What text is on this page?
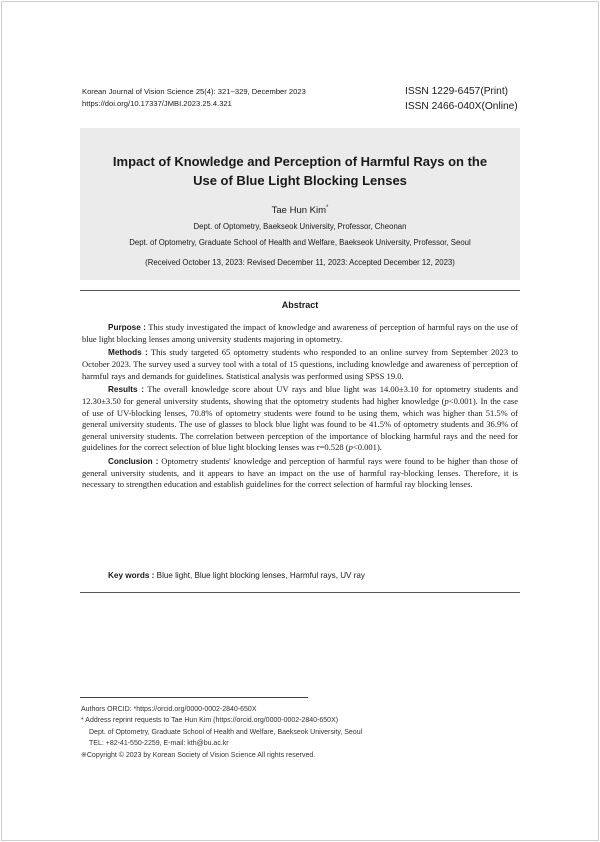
Korean Journal of Vision Science 25(4): 321~329, December 2023
https://doi.org/10.17337/JMBI.2023.25.4.321
ISSN 1229-6457(Print)
ISSN 2466-040X(Online)
Impact of Knowledge and Perception of Harmful Rays on the
Use of Blue Light Blocking Lenses
Tae Hun Kim*
Dept. of Optometry, Baekseok University, Professor, Cheonan
Dept. of Optometry, Graduate School of Health and Welfare, Baekseok University, Professor, Seoul
(Received October 13, 2023: Revised December 11, 2023: Accepted December 12, 2023)
Abstract

Purpose : This study investigated the impact of knowledge and awareness of perception of harmful rays on the use of blue light blocking lenses among university students majoring in optometry.

Methods : This study targeted 65 optometry students who responded to an online survey from September 2023 to October 2023. The survey used a survey tool with a total of 15 questions, including knowledge and awareness of perception of harmful rays and demands for guidelines. Statistical analysis was performed using SPSS 19.0.

Results : The overall knowledge score about UV rays and blue light was 14.00±3.10 for optometry students and 12.30±3.50 for general university students, showing that the optometry students had higher knowledge (p<0.001). In the case of use of UV-blocking lenses, 70.8% of optometry students were found to be using them, which was higher than 51.5% of general university students. The use of glasses to block blue light was found to be 41.5% of optometry students and 36.9% of general university students. The correlation between perception of the importance of blocking harmful rays and the need for guidelines for the correct selection of blue light blocking lenses was r=0.528 (p<0.001).

Conclusion : Optometry students' knowledge and perception of harmful rays were found to be higher than those of general university students, and it appears to have an impact on the use of harmful ray-blocking lenses. Therefore, it is necessary to strengthen education and establish guidelines for the correct selection of harmful ray blocking lenses.

Key words : Blue light, Blue light blocking lenses, Harmful rays, UV ray
Authors ORCID: *https://orcid.org/0000-0002-2840-650X
* Address reprint requests to Tae Hun Kim (https://orcid.org/0000-0002-2840-650X)
Dept. of Optometry, Graduate School of Health and Welfare, Baekseok University, Seoul
TEL: +82-41-550-2259, E-mail: kth@bu.ac.kr
※Copyright © 2023 by Korean Society of Vision Science All rights reserved.
